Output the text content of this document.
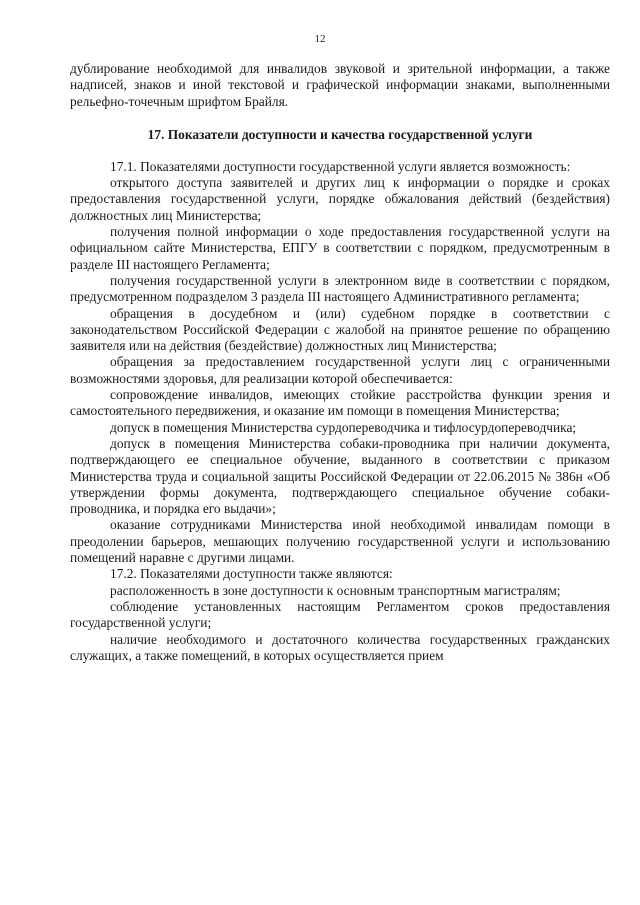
12

дублирование необходимой для инвалидов звуковой и зрительной информации, а также надписей, знаков и иной текстовой и графической информации знаками, выполненными рельефно-точечным шрифтом Брайля.

17. Показатели доступности и качества государственной услуги

17.1. Показателями доступности государственной услуги является возможность:

открытого доступа заявителей и других лиц к информации о порядке и сроках предоставления государственной услуги, порядке обжалования действий (бездействия) должностных лиц Министерства;

получения полной информации о ходе предоставления государственной услуги на официальном сайте Министерства, ЕПГУ в соответствии с порядком, предусмотренным в разделе III настоящего Регламента;

получения государственной услуги в электронном виде в соответствии с порядком, предусмотренном подразделом 3 раздела III настоящего Административного регламента;

обращения в досудебном и (или) судебном порядке в соответствии с законодательством Российской Федерации с жалобой на принятое решение по обращению заявителя или на действия (бездействие) должностных лиц Министерства;

обращения за предоставлением государственной услуги лиц с ограниченными возможностями здоровья, для реализации которой обеспечивается:

сопровождение инвалидов, имеющих стойкие расстройства функции зрения и самостоятельного передвижения, и оказание им помощи в помещения Министерства;

допуск в помещения Министерства сурдопереводчика и тифлосурдопереводчика;

допуск в помещения Министерства собаки-проводника при наличии документа, подтверждающего ее специальное обучение, выданного в соответствии с приказом Министерства труда и социальной защиты Российской Федерации от 22.06.2015 № 386н «Об утверждении формы документа, подтверждающего специальное обучение собаки-проводника, и порядка его выдачи»;

оказание сотрудниками Министерства иной необходимой инвалидам помощи в преодолении барьеров, мешающих получению государственной услуги и использованию помещений наравне с другими лицами.

17.2. Показателями доступности также являются:

расположенность в зоне доступности к основным транспортным магистралям;

соблюдение установленных настоящим Регламентом сроков предоставления государственной услуги;

наличие необходимого и достаточного количества государственных гражданских служащих, а также помещений, в которых осуществляется прием
